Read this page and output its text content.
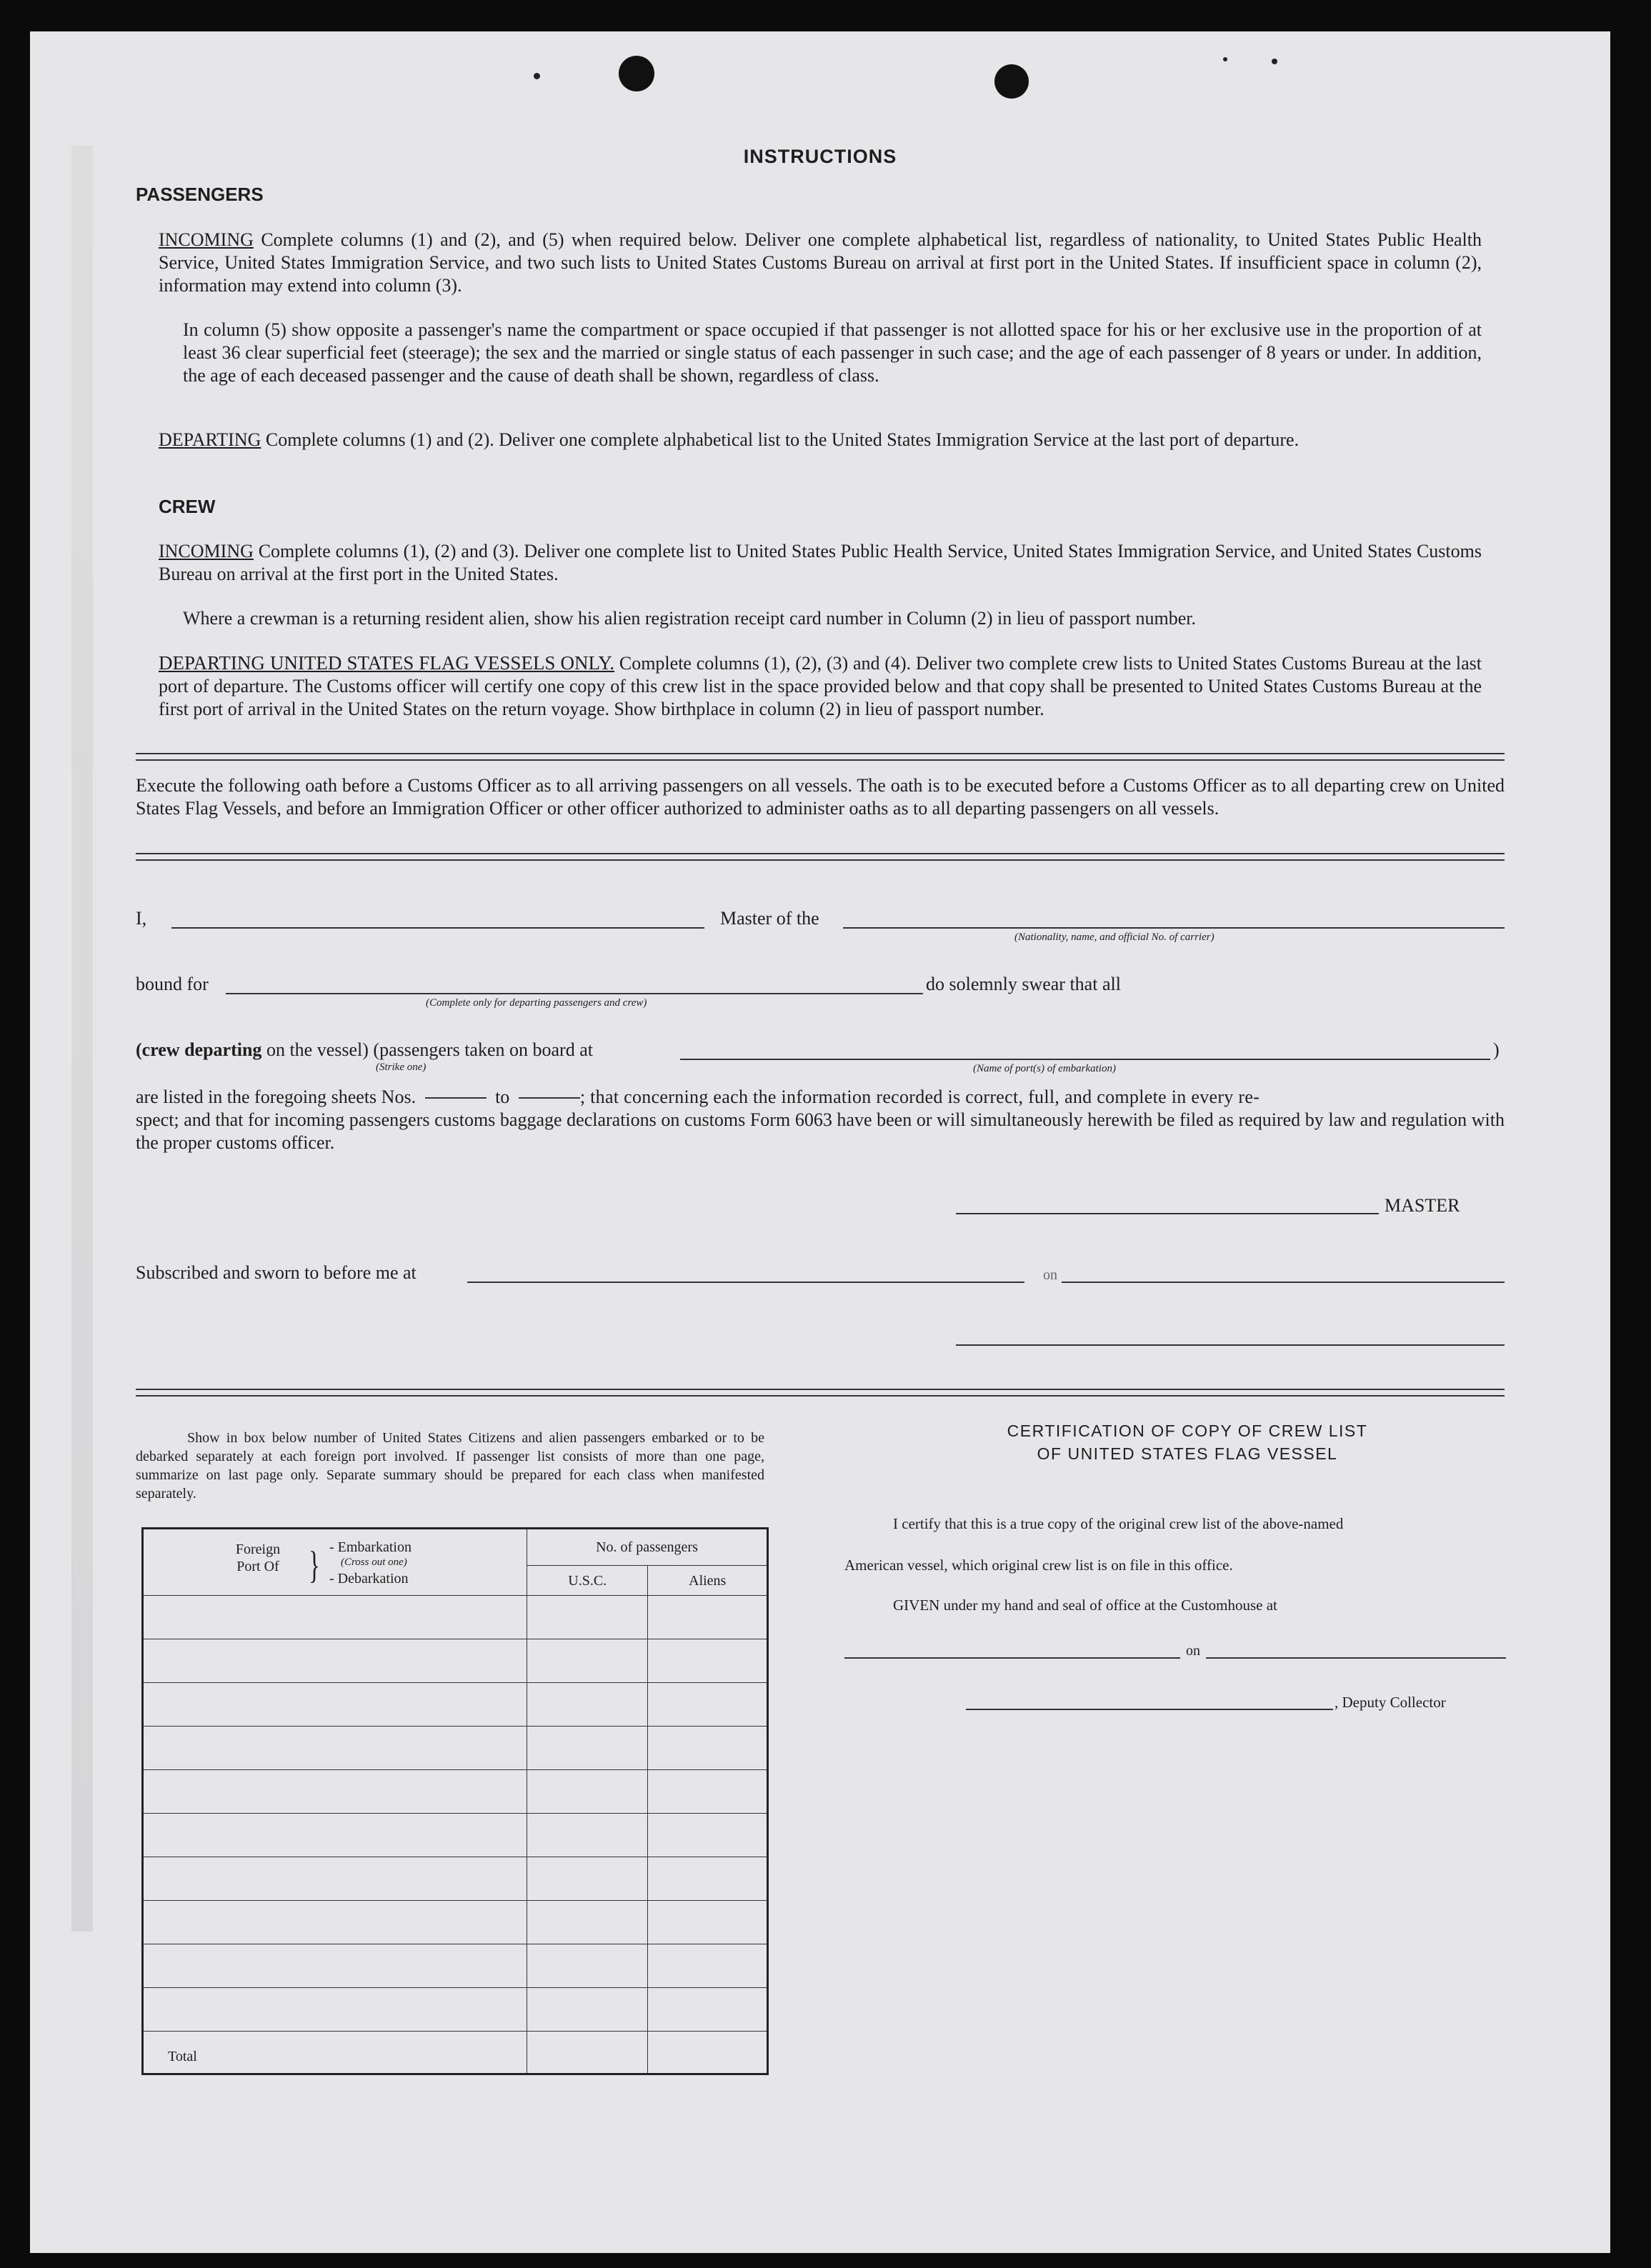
INSTRUCTIONS
PASSENGERS
INCOMING Complete columns (1) and (2), and (5) when required below. Deliver one complete alphabetical list, regardless of nationality, to United States Public Health Service, United States Immigration Service, and two such lists to United States Customs Bureau on arrival at first port in the United States. If insufficient space in column (2), information may extend into column (3).
In column (5) show opposite a passenger's name the compartment or space occupied if that passenger is not allotted space for his or her exclusive use in the proportion of at least 36 clear superficial feet (steerage); the sex and the married or single status of each passenger in such case; and the age of each passenger of 8 years or under. In addition, the age of each deceased passenger and the cause of death shall be shown, regardless of class.
DEPARTING Complete columns (1) and (2). Deliver one complete alphabetical list to the United States Immigration Service at the last port of departure.
CREW
INCOMING Complete columns (1), (2) and (3). Deliver one complete list to United States Public Health Service, United States Immigration Service, and United States Customs Bureau on arrival at the first port in the United States.
Where a crewman is a returning resident alien, show his alien registration receipt card number in Column (2) in lieu of passport number.
DEPARTING UNITED STATES FLAG VESSELS ONLY. Complete columns (1), (2), (3) and (4). Deliver two complete crew lists to United States Customs Bureau at the last port of departure. The Customs officer will certify one copy of this crew list in the space provided below and that copy shall be presented to United States Customs Bureau at the first port of arrival in the United States on the return voyage. Show birthplace in column (2) in lieu of passport number.
Execute the following oath before a Customs Officer as to all arriving passengers on all vessels. The oath is to be executed before a Customs Officer as to all departing crew on United States Flag Vessels, and before an Immigration Officer or other officer authorized to administer oaths as to all departing passengers on all vessels.
I,	Master of the
(Nationality, name, and official No. of carrier)
bound for
(Complete only for departing passengers and crew)
do solemnly swear that all
(crew departing on the vessel) (passengers taken on board at	)
(Strike one)	(Name of port(s) of embarkation)
are listed in the foregoing sheets Nos.	to	; that concerning each the information recorded is correct, full, and complete in every re-
spect; and that for incoming passengers customs baggage declarations on customs Form 6063 have been or will simultaneously herewith be filed as required by law and regulation with the proper customs officer.
MASTER
Subscribed and sworn to before me at	on
Show in box below number of United States Citizens and alien passengers embarked or to be debarked separately at each foreign port involved. If passenger list consists of more than one page, summarize on last page only. Separate summary should be prepared for each class when manifested separately.
Foreign Port Of } - Embarkation
(Cross out one)
- Debarkation	No. of passengers	
	U.S.C.	Aliens

Total		
CERTIFICATION OF COPY OF CREW LIST
OF UNITED STATES FLAG VESSEL
I certify that this is a true copy of the original crew list of the above-named
American vessel, which original crew list is on file in this office.
GIVEN under my hand and seal of office at the Customhouse at
on
, Deputy Collector
